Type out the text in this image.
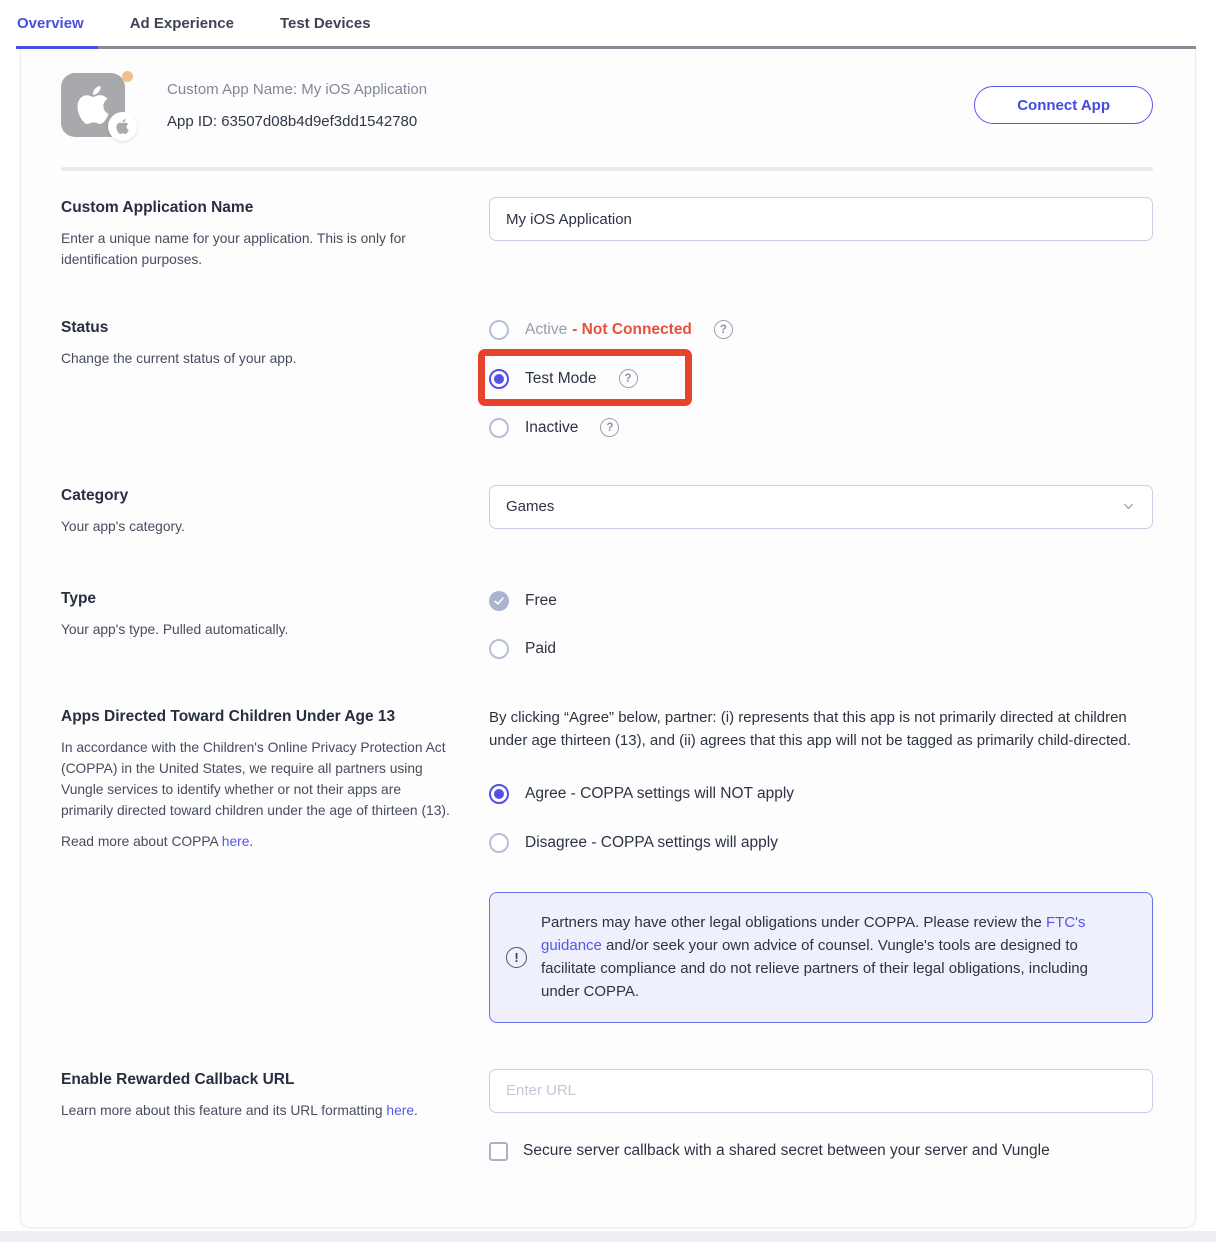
Overview	Ad Experience	Test Devices
Custom App Name: My iOS Application
App ID: 63507d08b4d9ef3dd1542780
Connect App
Custom Application Name

Enter a unique name for your application. This is only for identification purposes.

My iOS Application
Status

Change the current status of your app.

Active - Not Connected	?
Test Mode	?
Inactive	?
Category

Your app's category.

Games
Type

Your app's type. Pulled automatically.

Free
Paid
Apps Directed Toward Children Under Age 13

In accordance with the Children's Online Privacy Protection Act (COPPA) in the United States, we require all partners using Vungle services to identify whether or not their apps are primarily directed toward children under the age of thirteen (13).

Read more about COPPA here.

By clicking “Agree” below, partner: (i) represents that this app is not primarily directed at children under age thirteen (13), and (ii) agrees that this app will not be tagged as primarily child-directed.

Agree - COPPA settings will NOT apply
Disagree - COPPA settings will apply
!
Partners may have other legal obligations under COPPA. Please review the FTC's guidance and/or seek your own advice of counsel. Vungle's tools are designed to facilitate compliance and do not relieve partners of their legal obligations, including under COPPA.
Enable Rewarded Callback URL

Learn more about this feature and its URL formatting here.

Enter URL
Secure server callback with a shared secret between your server and Vungle
